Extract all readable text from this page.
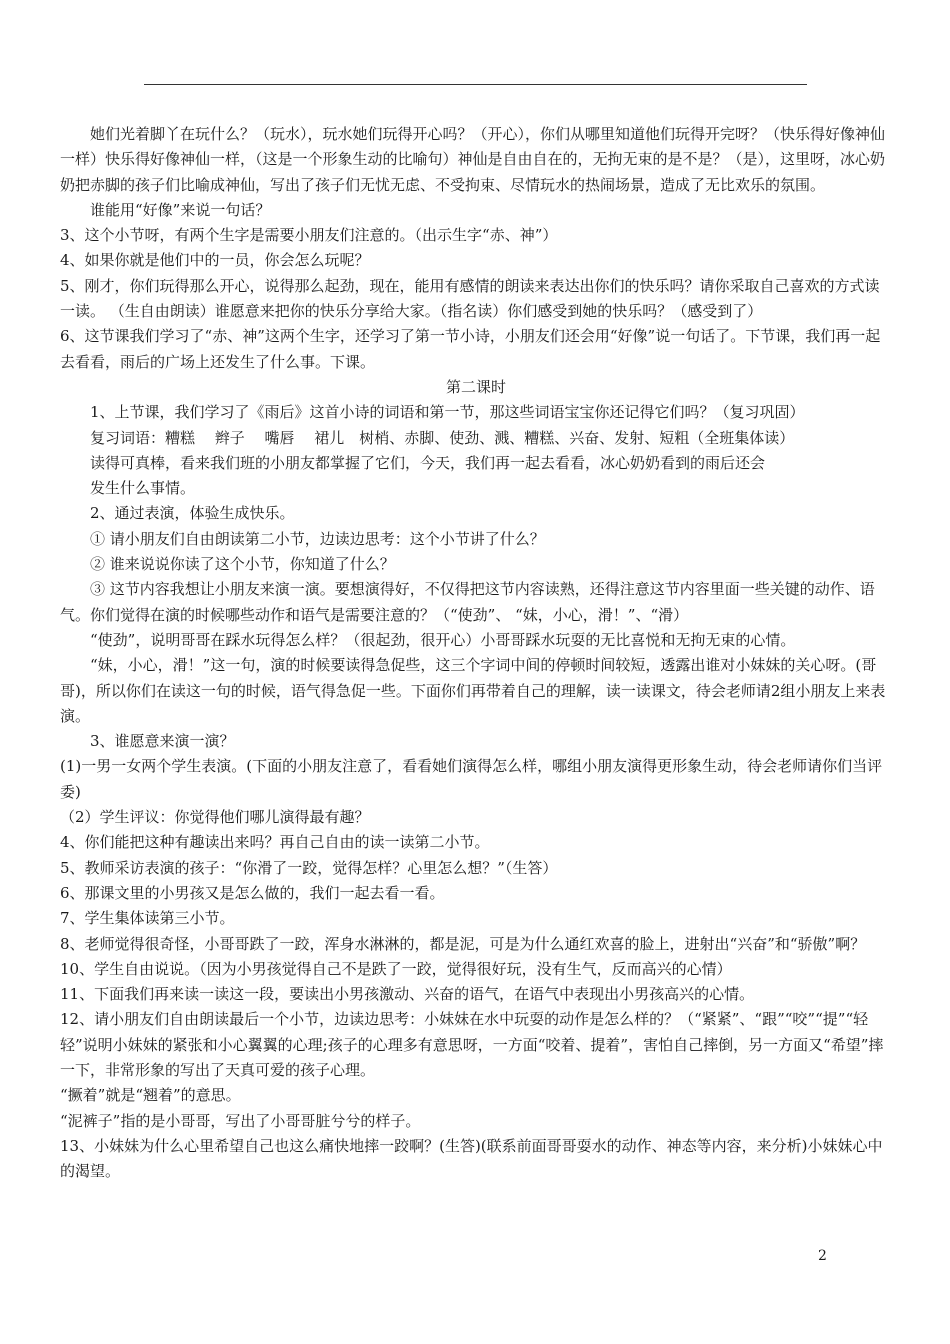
她们光着脚丫在玩什么？（玩水），玩水她们玩得开心吗？（开心），你们从哪里知道他们玩得开完呀？（快乐得好像神仙一样）快乐得好像神仙一样，（这是一个形象生动的比喻句）神仙是自由自在的，无拘无束的是不是？（是），这里呀，冰心奶奶把赤脚的孩子们比喻成神仙，写出了孩子们无忧无虑、不受拘束、尽情玩水的热闹场景，造成了无比欢乐的氛围。

谁能用“好像”来说一句话？

3、这个小节呀，有两个生字是需要小朋友们注意的。（出示生字“赤、神”）

4、如果你就是他们中的一员，你会怎么玩呢？

5、刚才，你们玩得那么开心，说得那么起劲，现在，能用有感情的朗读来表达出你们的快乐吗？请你采取自己喜欢的方式读一读。 （生自由朗读）谁愿意来把你的快乐分享给大家。（指名读）你们感受到她的快乐吗？（感受到了）

6、这节课我们学习了“赤、神”这两个生字，还学习了第一节小诗，小朋友们还会用“好像”说一句话了。下节课，我们再一起去看看，雨后的广场上还发生了什么事。下课。

第二课时

1、上节课，我们学习了《雨后》这首小诗的词语和第一节，那这些词语宝宝你还记得它们吗？（复习巩固）

复习词语：糟糕　 辫子　 嘴唇　 裙儿　树梢、赤脚、使劲、溅、糟糕、兴奋、发射、短粗（全班集体读）

读得可真棒，看来我们班的小朋友都掌握了它们，今天，我们再一起去看看，冰心奶奶看到的雨后还会

发生什么事情。

2、通过表演，体验生成快乐。

① 请小朋友们自由朗读第二小节，边读边思考：这个小节讲了什么？

② 谁来说说你读了这个小节，你知道了什么？

③ 这节内容我想让小朋友来演一演。要想演得好，不仅得把这节内容读熟，还得注意这节内容里面一些关键的动作、语气。你们觉得在演的时候哪些动作和语气是需要注意的？（“使劲”、 “妹，小心，滑！”、“滑）

“使劲”，说明哥哥在踩水玩得怎么样？（很起劲，很开心）小哥哥踩水玩耍的无比喜悦和无拘无束的心情。

“妹，小心，滑！”这一句，演的时候要读得急促些，这三个字词中间的停顿时间较短，透露出谁对小妹妹的关心呀。(哥哥)，所以你们在读这一句的时候，语气得急促一些。下面你们再带着自己的理解，读一读课文，待会老师请2组小朋友上来表演。

3、谁愿意来演一演？

(1)一男一女两个学生表演。(下面的小朋友注意了，看看她们演得怎么样，哪组小朋友演得更形象生动，待会老师请你们当评委)

（2）学生评议：你觉得他们哪儿演得最有趣？

4、你们能把这种有趣读出来吗？再自己自由的读一读第二小节。

5、教师采访表演的孩子：“你滑了一跤，觉得怎样？心里怎么想？”（生答）

6、那课文里的小男孩又是怎么做的，我们一起去看一看。

7、学生集体读第三小节。

8、老师觉得很奇怪，小哥哥跌了一跤，浑身水淋淋的，都是泥，可是为什么通红欢喜的脸上，进射出“兴奋”和“骄傲”啊？

10、学生自由说说。（因为小男孩觉得自己不是跌了一跤，觉得很好玩，没有生气，反而高兴的心情）

11、下面我们再来读一读这一段，要读出小男孩激动、兴奋的语气，在语气中表现出小男孩高兴的心情。

12、请小朋友们自由朗读最后一个小节，边读边思考：小妹妹在水中玩耍的动作是怎么样的？（“紧紧”、“跟”“咬”“提”“轻轻”说明小妹妹的紧张和小心翼翼的心理;孩子的心理多有意思呀，一方面“咬着、提着”，害怕自己摔倒，另一方面又“希望”摔一下，非常形象的写出了天真可爱的孩子心理。

“撅着”就是“翘着”的意思。

“泥裤子”指的是小哥哥，写出了小哥哥脏兮兮的样子。

13、小妹妹为什么心里希望自己也这么痛快地摔一跤啊？(生答)(联系前面哥哥耍水的动作、神态等内容，来分析)小妹妹心中的渴望。

2
